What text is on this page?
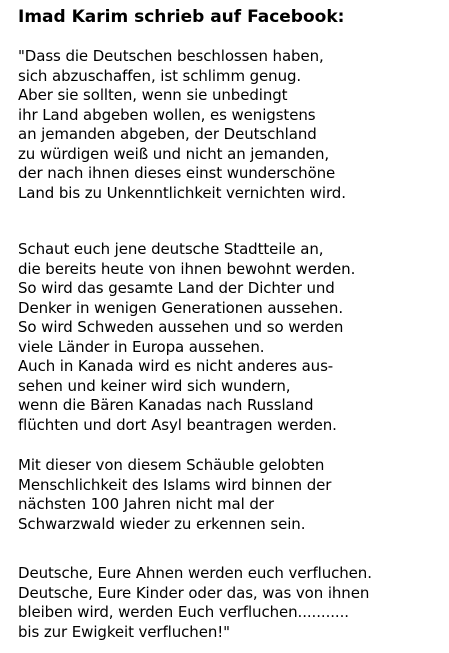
Imad Karim schrieb auf Facebook:
"Dass die Deutschen beschlossen haben,
sich abzuschaffen, ist schlimm genug.
Aber sie sollten, wenn sie unbedingt
ihr Land abgeben wollen, es wenigstens
an jemanden abgeben, der Deutschland
zu würdigen weiß und nicht an jemanden,
der nach ihnen dieses einst wunderschöne
Land bis zu Unkenntlichkeit vernichten wird.
Schaut euch jene deutsche Stadtteile an,
die bereits heute von ihnen bewohnt werden.
So wird das gesamte Land der Dichter und
Denker in wenigen Generationen aussehen.
So wird Schweden aussehen und so werden
viele Länder in Europa aussehen.
Auch in Kanada wird es nicht anderes aus-
sehen und keiner wird sich wundern,
wenn die Bären Kanadas nach Russland
flüchten und dort Asyl beantragen werden.
Mit dieser von diesem Schäuble gelobten
Menschlichkeit des Islams wird binnen der
nächsten 100 Jahren nicht mal der
Schwarzwald wieder zu erkennen sein.
Deutsche, Eure Ahnen werden euch verfluchen.
Deutsche, Eure Kinder oder das, was von ihnen
bleiben wird, werden Euch verfluchen...........
bis zur Ewigkeit verfluchen!"
